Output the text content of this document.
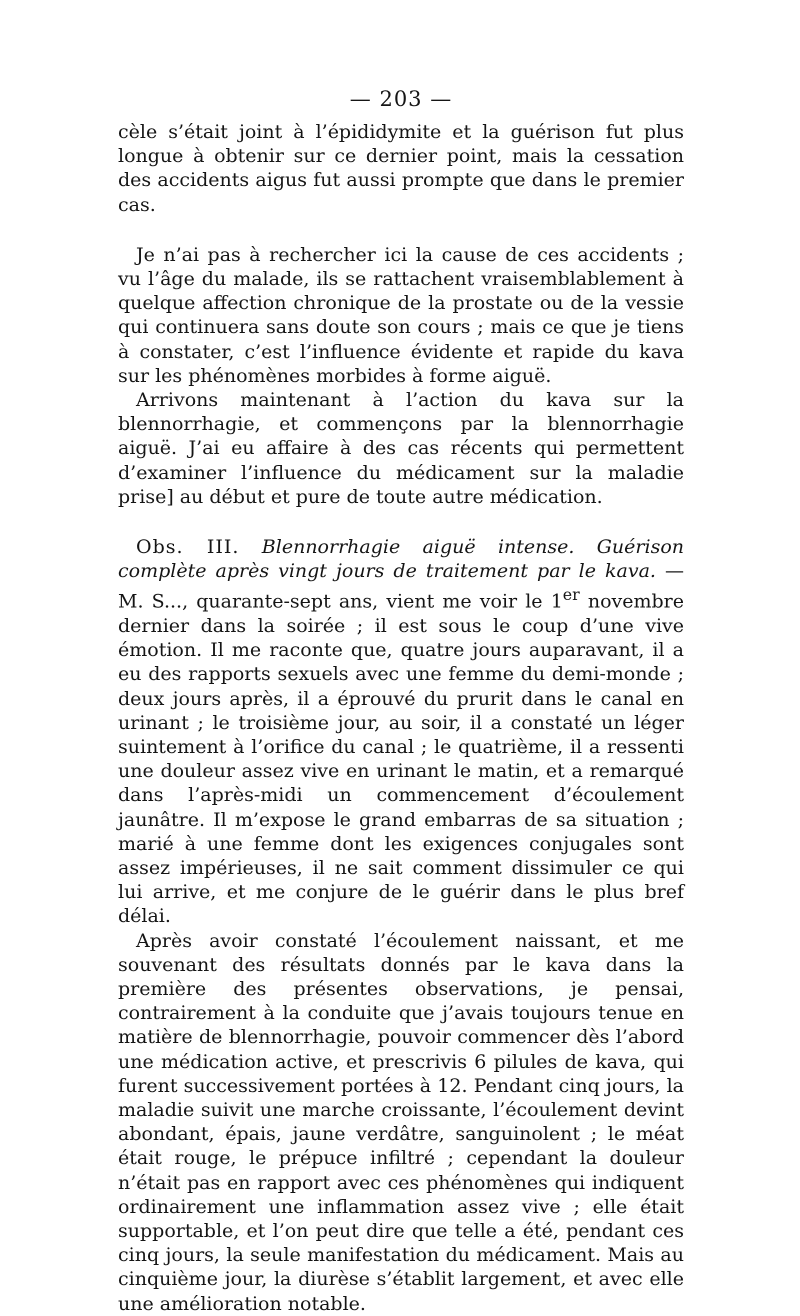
— 203 —

cèle s’était joint à l’épididymite et la guérison fut plus longue à obtenir sur ce dernier point, mais la cessation des accidents aigus fut aussi prompte que dans le premier cas.

Je n’ai pas à rechercher ici la cause de ces accidents ; vu l’âge du malade, ils se rattachent vraisemblablement à quelque affection chronique de la prostate ou de la vessie qui continuera sans doute son cours ; mais ce que je tiens à constater, c’est l’influence évidente et rapide du kava sur les phénomènes morbides à forme aiguë.

Arrivons maintenant à l’action du kava sur la blennorrhagie, et commençons par la blennorrhagie aiguë. J’ai eu affaire à des cas récents qui permettent d’examiner l’influence du médicament sur la maladie prise] au début et pure de toute autre médication.

Obs. III. Blennorrhagie aiguë intense. Guérison complète après vingt jours de traitement par le kava. — M. S..., quarante-sept ans, vient me voir le 1er novembre dernier dans la soirée ; il est sous le coup d’une vive émotion. Il me raconte que, quatre jours auparavant, il a eu des rapports sexuels avec une femme du demi-monde ; deux jours après, il a éprouvé du prurit dans le canal en urinant ; le troisième jour, au soir, il a constaté un léger suintement à l’orifice du canal ; le quatrième, il a ressenti une douleur assez vive en urinant le matin, et a remarqué dans l’après-midi un commencement d’écoulement jaunâtre. Il m’expose le grand embarras de sa situation ; marié à une femme dont les exigences conjugales sont assez impérieuses, il ne sait comment dissimuler ce qui lui arrive, et me conjure de le guérir dans le plus bref délai.

Après avoir constaté l’écoulement naissant, et me souvenant des résultats donnés par le kava dans la première des présentes observations, je pensai, contrairement à la conduite que j’avais toujours tenue en matière de blennorrhagie, pouvoir commencer dès l’abord une médication active, et prescrivis 6 pilules de kava, qui furent successivement portées à 12. Pendant cinq jours, la maladie suivit une marche croissante, l’écoulement devint abondant, épais, jaune verdâtre, sanguinolent ; le méat était rouge, le prépuce infiltré ; cependant la douleur n’était pas en rapport avec ces phénomènes qui indiquent ordinairement une inflammation assez vive ; elle était supportable, et l’on peut dire que telle a été, pendant ces cinq jours, la seule manifestation du médicament. Mais au cinquième jour, la diurèse s’établit largement, et avec elle une amélioration notable.
